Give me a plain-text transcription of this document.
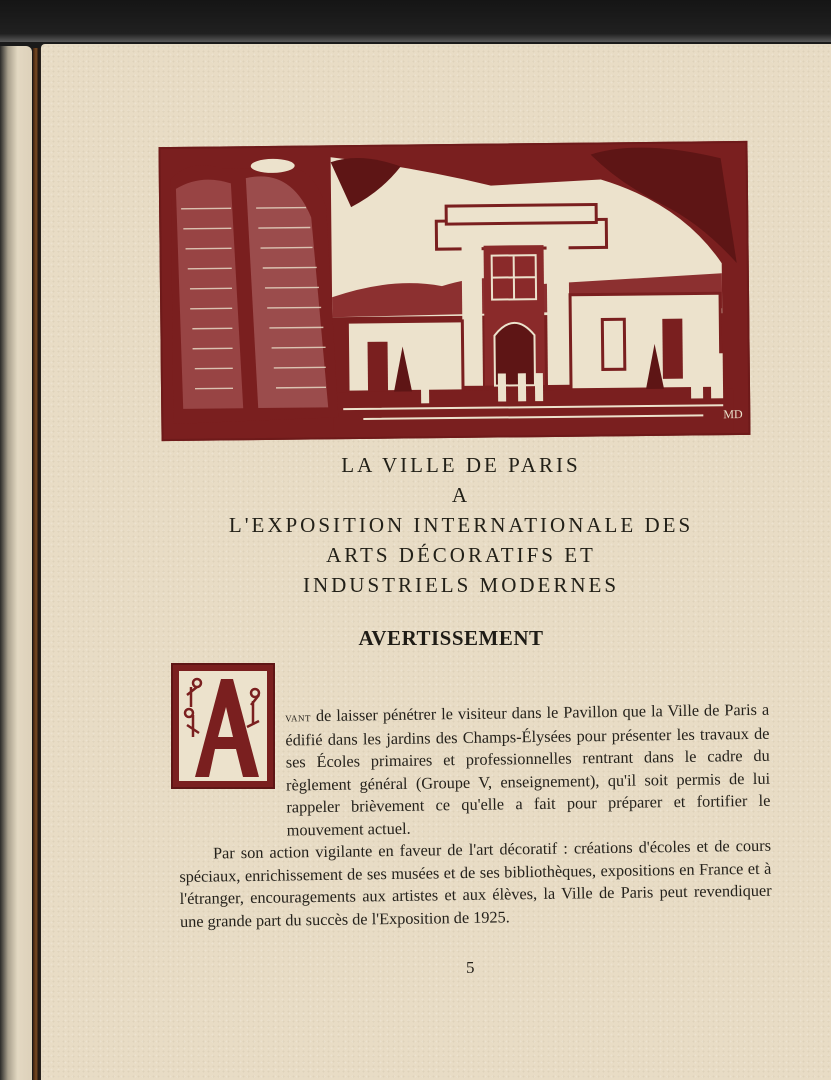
MD
LA VILLE DE PARIS
A
L'EXPOSITION INTERNATIONALE DES
ARTS DÉCORATIFS ET
INDUSTRIELS MODERNES
AVERTISSEMENT

vant de laisser pénétrer le visiteur dans le Pavillon que la Ville de Paris a édifié dans les jardins des Champs-Élysées pour présenter les travaux de ses Écoles primaires et professionnelles rentrant dans le cadre du règlement général (Groupe V, enseignement), qu'il soit permis de lui rappeler brièvement ce qu'elle a fait pour préparer et fortifier le mouvement actuel.

Par son action vigilante en faveur de l'art décoratif : créations d'écoles et de cours spéciaux, enrichissement de ses musées et de ses bibliothèques, expositions en France et à l'étranger, encouragements aux artistes et aux élèves, la Ville de Paris peut revendiquer une grande part du succès de l'Exposition de 1925.

5
